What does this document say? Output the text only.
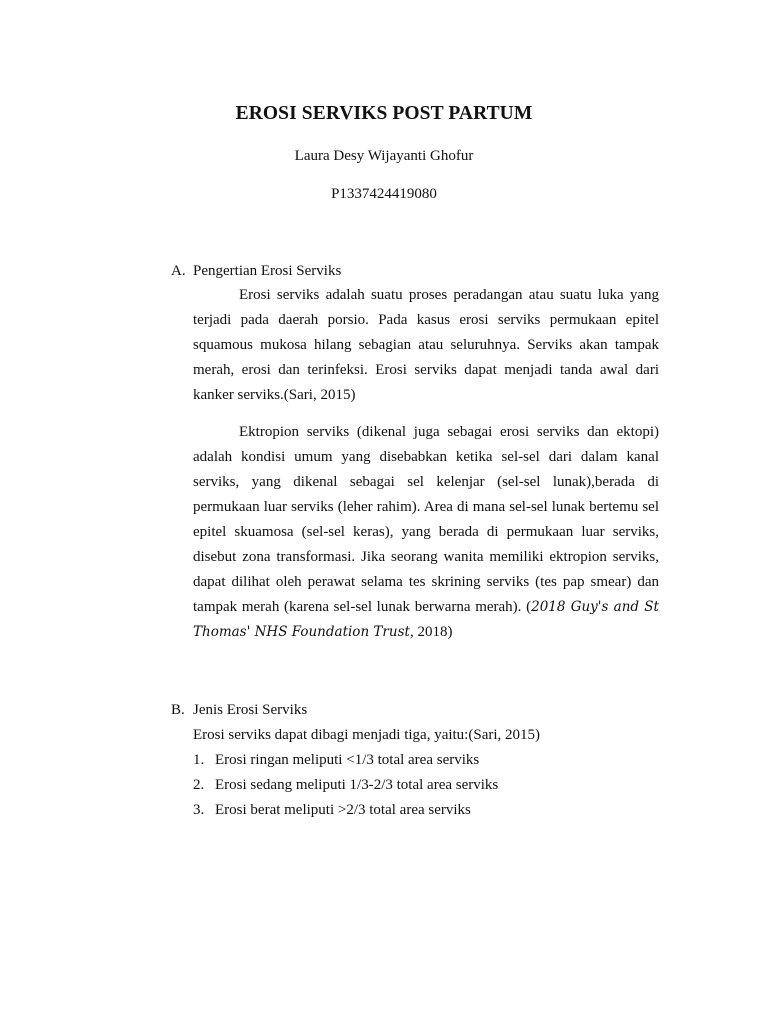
EROSI SERVIKS POST PARTUM

Laura Desy Wijayanti Ghofur

P1337424419080

A. Pengertian Erosi Serviks

Erosi serviks adalah suatu proses peradangan atau suatu luka yang terjadi pada daerah porsio. Pada kasus erosi serviks permukaan epitel squamous mukosa hilang sebagian atau seluruhnya. Serviks akan tampak merah, erosi dan terinfeksi. Erosi serviks dapat menjadi tanda awal dari kanker serviks.(Sari, 2015)

Ektropion serviks (dikenal juga sebagai erosi serviks dan ektopi) adalah kondisi umum yang disebabkan ketika sel-sel dari dalam kanal serviks, yang dikenal sebagai sel kelenjar (sel-sel lunak),berada di permukaan luar serviks (leher rahim). Area di mana sel-sel lunak bertemu sel epitel skuamosa (sel-sel keras), yang berada di permukaan luar serviks, disebut zona transformasi. Jika seorang wanita memiliki ektropion serviks, dapat dilihat oleh perawat selama tes skrining serviks (tes pap smear) dan tampak merah (karena sel-sel lunak berwarna merah). (2018 Guy's and St Thomas' NHS Foundation Trust, 2018)

B. Jenis Erosi Serviks

Erosi serviks dapat dibagi menjadi tiga, yaitu:(Sari, 2015)

1. Erosi ringan meliputi <1/3 total area serviks
2. Erosi sedang meliputi 1/3-2/3 total area serviks
3. Erosi berat meliputi >2/3 total area serviks
